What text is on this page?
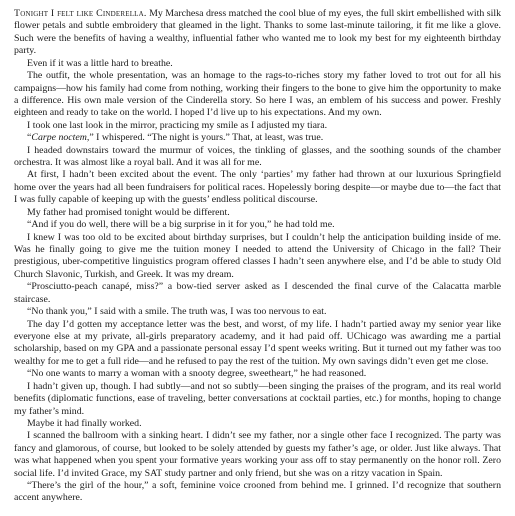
Tonight I felt like Cinderella. My Marchesa dress matched the cool blue of my eyes, the full skirt embellished with silk flower petals and subtle embroidery that gleamed in the light. Thanks to some last-minute tailoring, it fit me like a glove. Such were the benefits of having a wealthy, influential father who wanted me to look my best for my eighteenth birthday party.

Even if it was a little hard to breathe.

The outfit, the whole presentation, was an homage to the rags-to-riches story my father loved to trot out for all his campaigns—how his family had come from nothing, working their fingers to the bone to give him the opportunity to make a difference. His own male version of the Cinderella story. So here I was, an emblem of his success and power. Freshly eighteen and ready to take on the world. I hoped I’d live up to his expectations. And my own.

I took one last look in the mirror, practicing my smile as I adjusted my tiara.

“Carpe noctem,” I whispered. “The night is yours.” That, at least, was true.

I headed downstairs toward the murmur of voices, the tinkling of glasses, and the soothing sounds of the chamber orchestra. It was almost like a royal ball. And it was all for me.

At first, I hadn’t been excited about the event. The only ‘parties’ my father had thrown at our luxurious Springfield home over the years had all been fundraisers for political races. Hopelessly boring despite—or maybe due to—the fact that I was fully capable of keeping up with the guests’ endless political discourse.

My father had promised tonight would be different.

“And if you do well, there will be a big surprise in it for you,” he had told me.

I knew I was too old to be excited about birthday surprises, but I couldn’t help the anticipation building inside of me. Was he finally going to give me the tuition money I needed to attend the University of Chicago in the fall? Their prestigious, uber-competitive linguistics program offered classes I hadn’t seen anywhere else, and I’d be able to study Old Church Slavonic, Turkish, and Greek. It was my dream.

“Prosciutto-peach canapé, miss?” a bow-tied server asked as I descended the final curve of the Calacatta marble staircase.

“No thank you,” I said with a smile. The truth was, I was too nervous to eat.

The day I’d gotten my acceptance letter was the best, and worst, of my life. I hadn’t partied away my senior year like everyone else at my private, all-girls preparatory academy, and it had paid off. UChicago was awarding me a partial scholarship, based on my GPA and a passionate personal essay I’d spent weeks writing. But it turned out my father was too wealthy for me to get a full ride—and he refused to pay the rest of the tuition. My own savings didn’t even get me close.

“No one wants to marry a woman with a snooty degree, sweetheart,” he had reasoned.

I hadn’t given up, though. I had subtly—and not so subtly—been singing the praises of the program, and its real world benefits (diplomatic functions, ease of traveling, better conversations at cocktail parties, etc.) for months, hoping to change my father’s mind.

Maybe it had finally worked.

I scanned the ballroom with a sinking heart. I didn’t see my father, nor a single other face I recognized. The party was fancy and glamorous, of course, but looked to be solely attended by guests my father’s age, or older. Just like always. That was what happened when you spent your formative years working your ass off to stay permanently on the honor roll. Zero social life. I’d invited Grace, my SAT study partner and only friend, but she was on a ritzy vacation in Spain.

“There’s the girl of the hour,” a soft, feminine voice crooned from behind me. I grinned. I’d recognize that southern accent anywhere.
